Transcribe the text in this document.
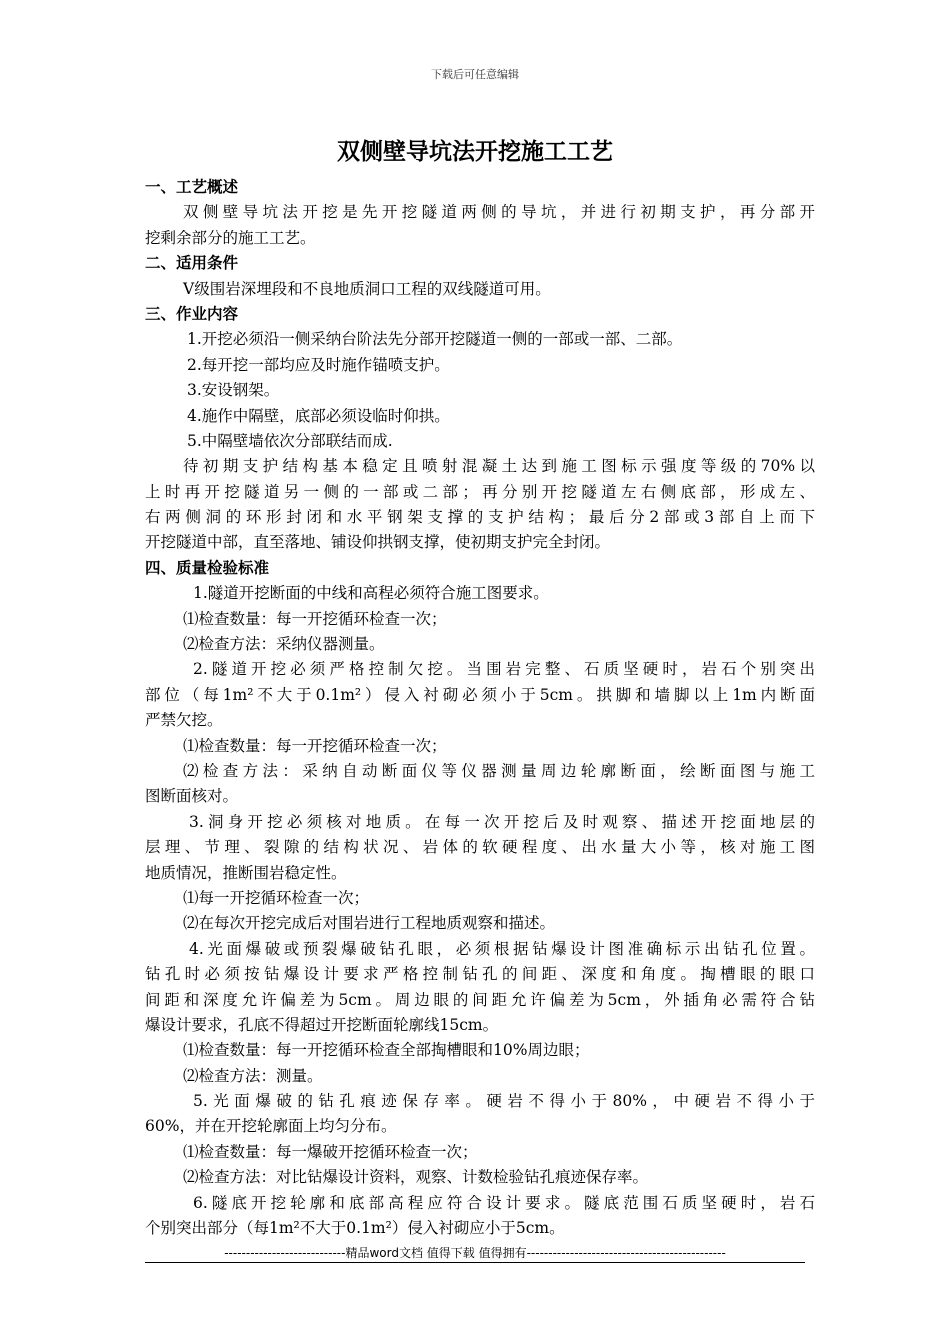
下载后可任意编辑
双侧壁导坑法开挖施工工艺
一、工艺概述
双侧壁导坑法开挖是先开挖隧道两侧的导坑，并进行初期支护，再分部开
挖剩余部分的施工工艺。
二、适用条件
Ⅴ级围岩深埋段和不良地质洞口工程的双线隧道可用。
三、作业内容
1.开挖必须沿一侧采纳台阶法先分部开挖隧道一侧的一部或一部、二部。
2.每开挖一部均应及时施作锚喷支护。
3.安设钢架。
4.施作中隔壁，底部必须设临时仰拱。
5.中隔壁墙依次分部联结而成.
待初期支护结构基本稳定且喷射混凝土达到施工图标示强度等级的70%以
上时再开挖隧道另一侧的一部或二部；再分别开挖隧道左右侧底部，形成左、
右两侧洞的环形封闭和水平钢架支撑的支护结构；最后分2部或3部自上而下
开挖隧道中部，直至落地、铺设仰拱钢支撑，使初期支护完全封闭。
四、质量检验标准
1.隧道开挖断面的中线和高程必须符合施工图要求。
⑴检查数量：每一开挖循环检查一次；
⑵检查方法：采纳仪器测量。
2.隧道开挖必须严格控制欠挖。当围岩完整、石质坚硬时，岩石个别突出
部位（每1m²不大于0.1m²）侵入衬砌必须小于5cm。拱脚和墙脚以上1m内断面
严禁欠挖。
⑴检查数量：每一开挖循环检查一次；
⑵检查方法：采纳自动断面仪等仪器测量周边轮廓断面，绘断面图与施工
图断面核对。
3.洞身开挖必须核对地质。在每一次开挖后及时观察、描述开挖面地层的
层理、节理、裂隙的结构状况、岩体的软硬程度、出水量大小等，核对施工图
地质情况，推断围岩稳定性。
⑴每一开挖循环检查一次；
⑵在每次开挖完成后对围岩进行工程地质观察和描述。
4.光面爆破或预裂爆破钻孔眼，必须根据钻爆设计图准确标示出钻孔位置。
钻孔时必须按钻爆设计要求严格控制钻孔的间距、深度和角度。掏槽眼的眼口
间距和深度允许偏差为5cm。周边眼的间距允许偏差为5cm，外插角必需符合钻
爆设计要求，孔底不得超过开挖断面轮廓线15cm。
⑴检查数量：每一开挖循环检查全部掏槽眼和10%周边眼；
⑵检查方法：测量。
5.光面爆破的钻孔痕迹保存率。硬岩不得小于80%，中硬岩不得小于
60%，并在开挖轮廓面上均匀分布。
⑴检查数量：每一爆破开挖循环检查一次；
⑵检查方法：对比钻爆设计资料，观察、计数检验钻孔痕迹保存率。
6.隧底开挖轮廓和底部高程应符合设计要求。隧底范围石质坚硬时，岩石
个别突出部分（每1m²不大于0.1m²）侵入衬砌应小于5cm。
----------------------------精品word文档 值得下载 值得拥有----------------------------------------------
